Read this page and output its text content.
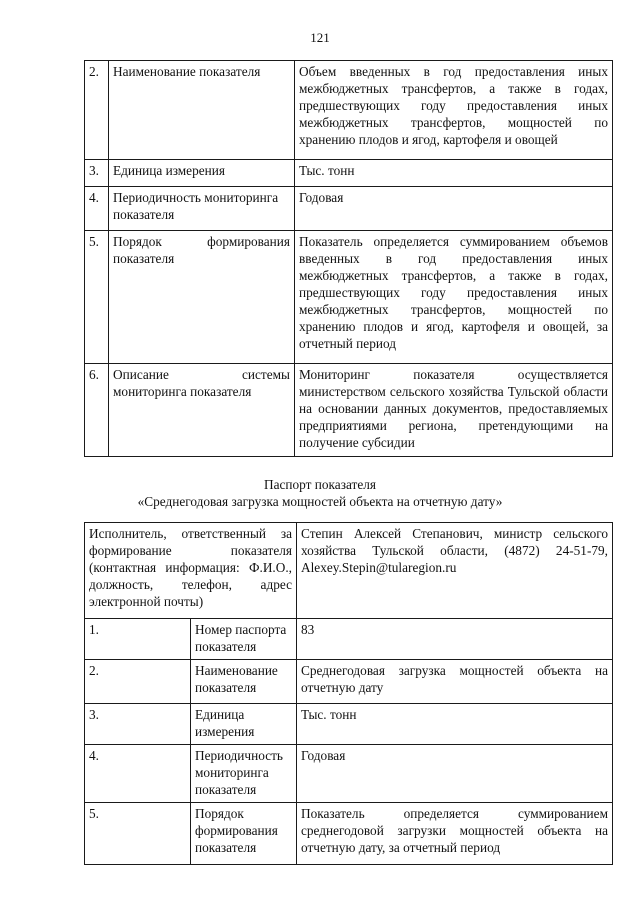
121
2.	Наименование показателя	Объем введенных в год предоставления иных межбюджетных трансфертов, а также в годах, предшествующих году предоставления иных межбюджетных трансфертов, мощностей по хранению плодов и ягод, картофеля и овощей
3.	Единица измерения	Тыс. тонн
4.	Периодичность мониторинга показателя	Годовая
5.	Порядок формирования показателя	Показатель определяется суммированием объемов введенных в год предоставления иных межбюджетных трансфертов, а также в годах, предшествующих году предоставления иных межбюджетных трансфертов, мощностей по хранению плодов и ягод, картофеля и овощей, за отчетный период
6.	Описание системы мониторинга показателя	Мониторинг показателя осуществляется министерством сельского хозяйства Тульской области на основании данных документов, предоставляемых предприятиями региона, претендующими на получение субсидии
Паспорт показателя
«Среднегодовая загрузка мощностей объекта на отчетную дату»
Исполнитель, ответственный за формирование показателя (контактная информация: Ф.И.О., должность, телефон, адрес электронной почты)		Степин Алексей Степанович, министр сельского хозяйства Тульской области, (4872) 24-51-79, Alexey.Stepin@tularegion.ru
1.	Номер паспорта показателя	83
2.	Наименование показателя	Среднегодовая загрузка мощностей объекта на отчетную дату
3.	Единица измерения	Тыс. тонн
4.	Периодичность мониторинга показателя	Годовая
5.	Порядок формирования показателя	Показатель определяется суммированием среднегодовой загрузки мощностей объекта на отчетную дату, за отчетный период
